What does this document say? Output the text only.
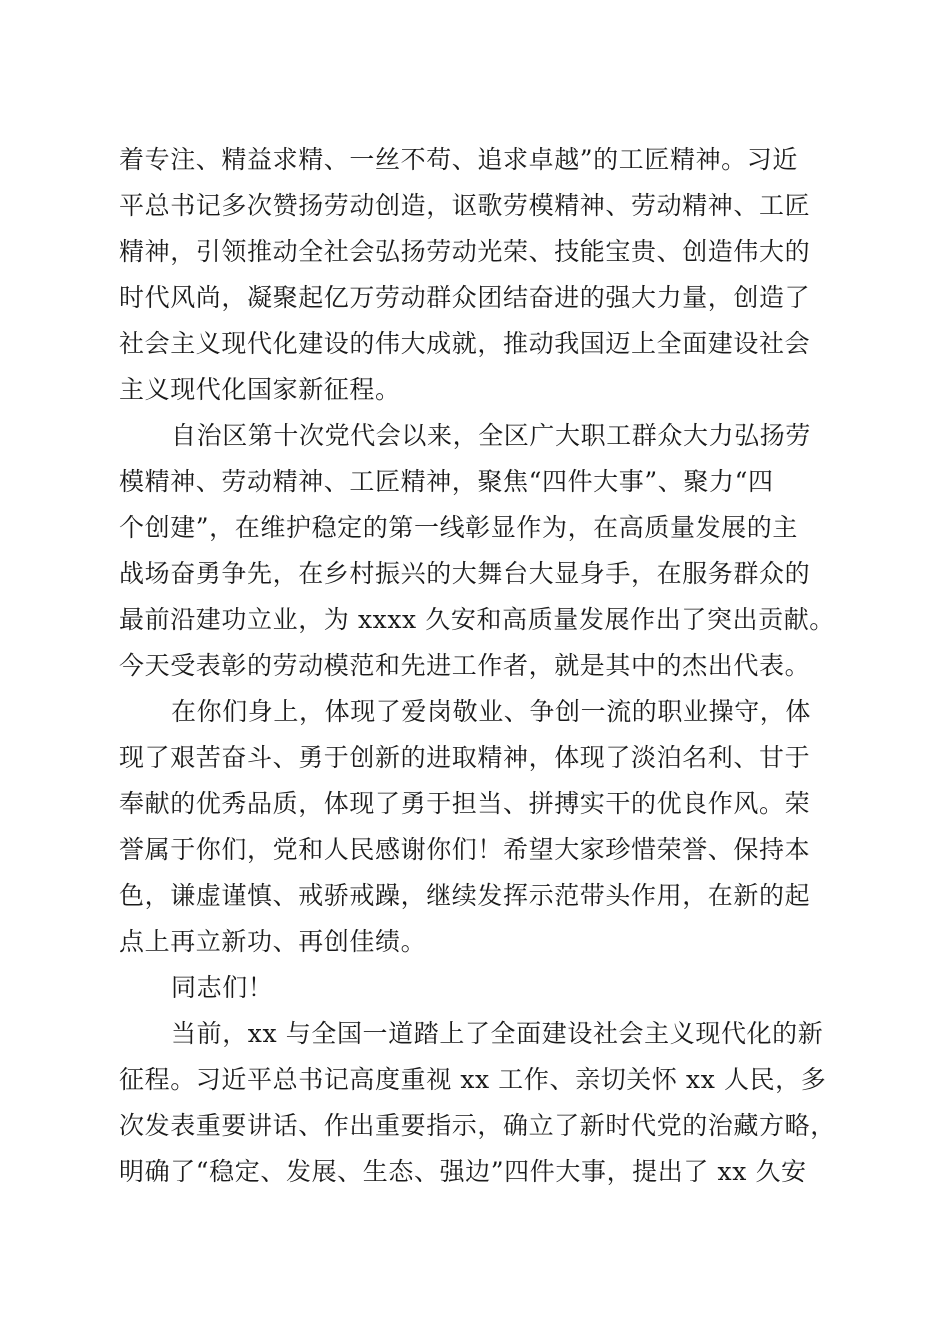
着专注、精益求精、一丝不苟、追求卓越”的工匠精神。习近
平总书记多次赞扬劳动创造，讴歌劳模精神、劳动精神、工匠
精神，引领推动全社会弘扬劳动光荣、技能宝贵、创造伟大的
时代风尚，凝聚起亿万劳动群众团结奋进的强大力量，创造了
社会主义现代化建设的伟大成就，推动我国迈上全面建设社会
主义现代化国家新征程。
自治区第十次党代会以来，全区广大职工群众大力弘扬劳
模精神、劳动精神、工匠精神，聚焦“四件大事”、聚力“四
个创建”，在维护稳定的第一线彰显作为，在高质量发展的主
战场奋勇争先，在乡村振兴的大舞台大显身手，在服务群众的
最前沿建功立业，为 xxxx 久安和高质量发展作出了突出贡献。
今天受表彰的劳动模范和先进工作者，就是其中的杰出代表。
在你们身上，体现了爱岗敬业、争创一流的职业操守，体
现了艰苦奋斗、勇于创新的进取精神，体现了淡泊名利、甘于
奉献的优秀品质，体现了勇于担当、拼搏实干的优良作风。荣
誉属于你们，党和人民感谢你们！希望大家珍惜荣誉、保持本
色，谦虚谨慎、戒骄戒躁，继续发挥示范带头作用，在新的起
点上再立新功、再创佳绩。
同志们！
当前，xx 与全国一道踏上了全面建设社会主义现代化的新
征程。习近平总书记高度重视 xx 工作、亲切关怀 xx 人民，多
次发表重要讲话、作出重要指示，确立了新时代党的治藏方略，
明确了“稳定、发展、生态、强边”四件大事，提出了 xx 久安
